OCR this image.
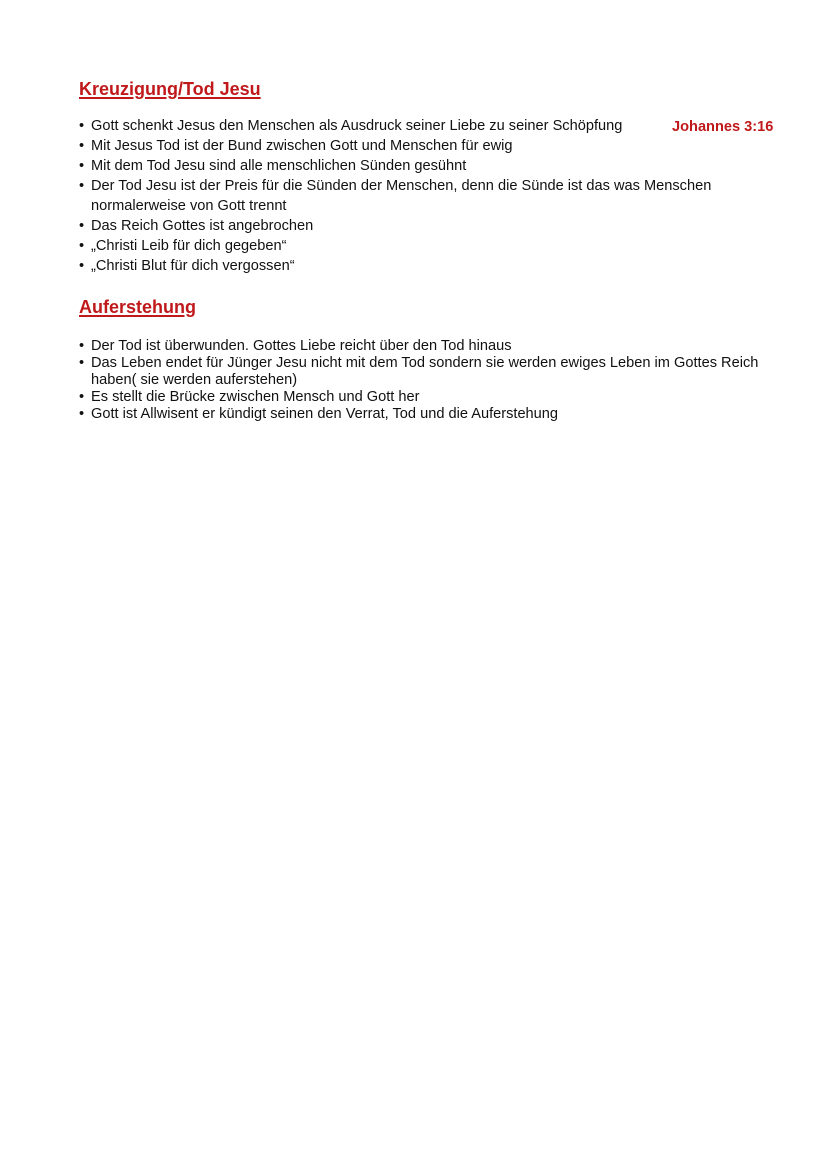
Kreuzigung/Tod Jesu
Johannes 3:16
• Gott schenkt Jesus den Menschen als Ausdruck seiner Liebe zu seiner Schöpfung
• Mit Jesus Tod ist der Bund zwischen Gott und Menschen für ewig
• Mit dem Tod Jesu sind alle menschlichen Sünden gesühnt
• Der Tod Jesu ist der Preis für die Sünden der Menschen, denn die Sünde ist das was Menschen normalerweise von Gott trennt
• Das Reich Gottes ist angebrochen
• „Christi Leib für dich gegeben“
• „Christi Blut für dich vergossen“
Auferstehung
• Der Tod ist überwunden. Gottes Liebe reicht über den Tod hinaus
• Das Leben endet für Jünger Jesu nicht mit dem Tod sondern sie werden ewiges Leben im Gottes Reich haben( sie werden auferstehen)
• Es stellt die Brücke zwischen Mensch und Gott her
• Gott ist Allwisent er kündigt seinen den Verrat, Tod und die Auferstehung
